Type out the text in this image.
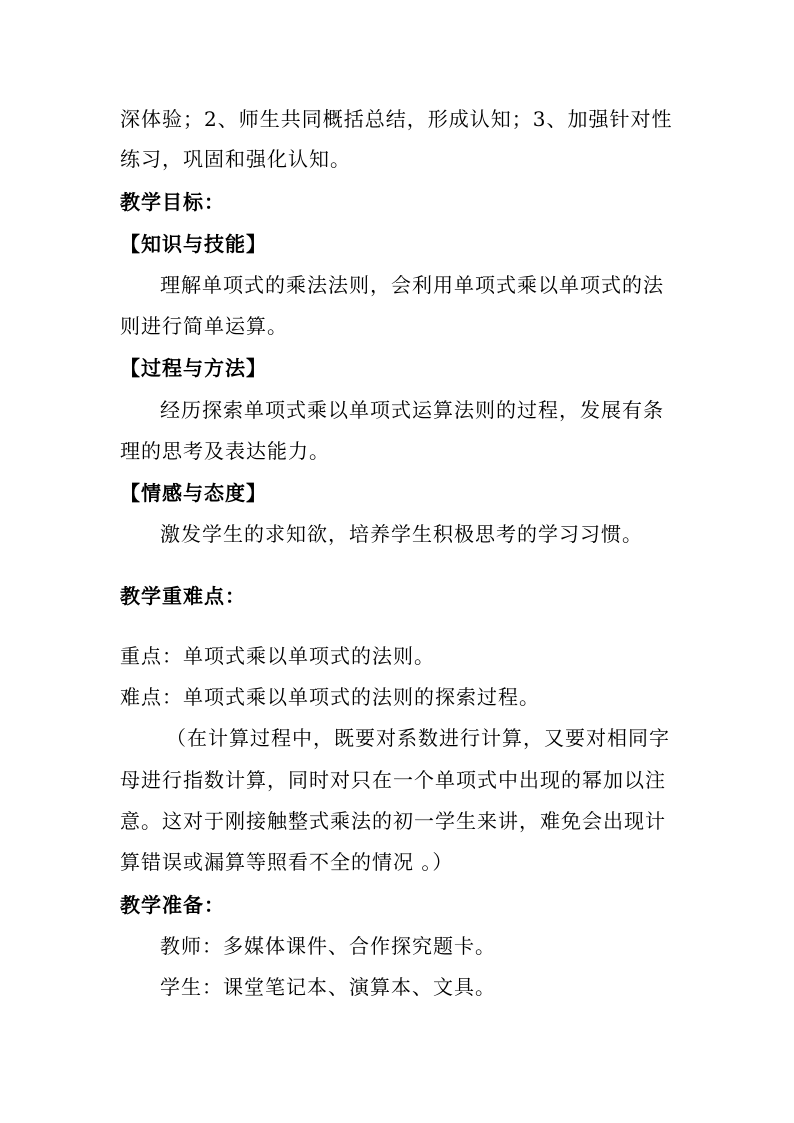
深体验；2、师生共同概括总结，形成认知；3、加强针对性
练习，巩固和强化认知。
教学目标：
【知识与技能】
理解单项式的乘法法则，会利用单项式乘以单项式的法
则进行简单运算。
【过程与方法】
经历探索单项式乘以单项式运算法则的过程，发展有条
理的思考及表达能力。
【情感与态度】
激发学生的求知欲，培养学生积极思考的学习习惯。
教学重难点：
重点：单项式乘以单项式的法则。
难点：单项式乘以单项式的法则的探索过程。
（在计算过程中，既要对系数进行计算，又要对相同字
母进行指数计算，同时对只在一个单项式中出现的幂加以注
意。这对于刚接触整式乘法的初一学生来讲，难免会出现计
算错误或漏算等照看不全的情况 。）
教学准备：
教师：多媒体课件、合作探究题卡。
学生：课堂笔记本、演算本、文具。
